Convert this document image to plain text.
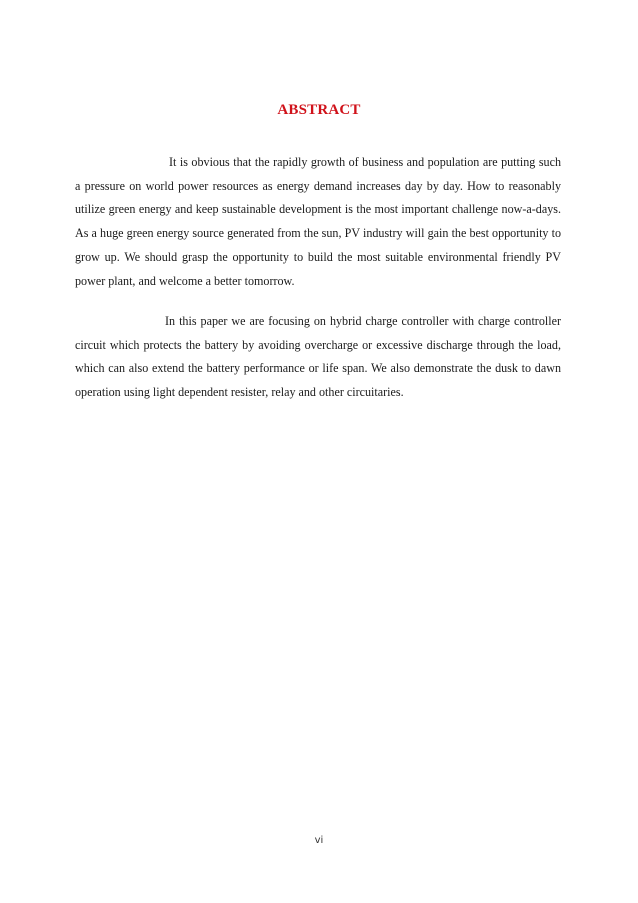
ABSTRACT

It is obvious that the rapidly growth of business and population are putting such a pressure on world power resources as energy demand increases day by day. How to reasonably utilize green energy and keep sustainable development is the most important challenge now-a-days. As a huge green energy source generated from the sun, PV industry will gain the best opportunity to grow up. We should grasp the opportunity to build the most suitable environmental friendly PV power plant, and welcome a better tomorrow.

In this paper we are focusing on hybrid charge controller with charge controller circuit which protects the battery by avoiding overcharge or excessive discharge through the load, which can also extend the battery performance or life span. We also demonstrate the dusk to dawn operation using light dependent resister, relay and other circuitaries.

vi
